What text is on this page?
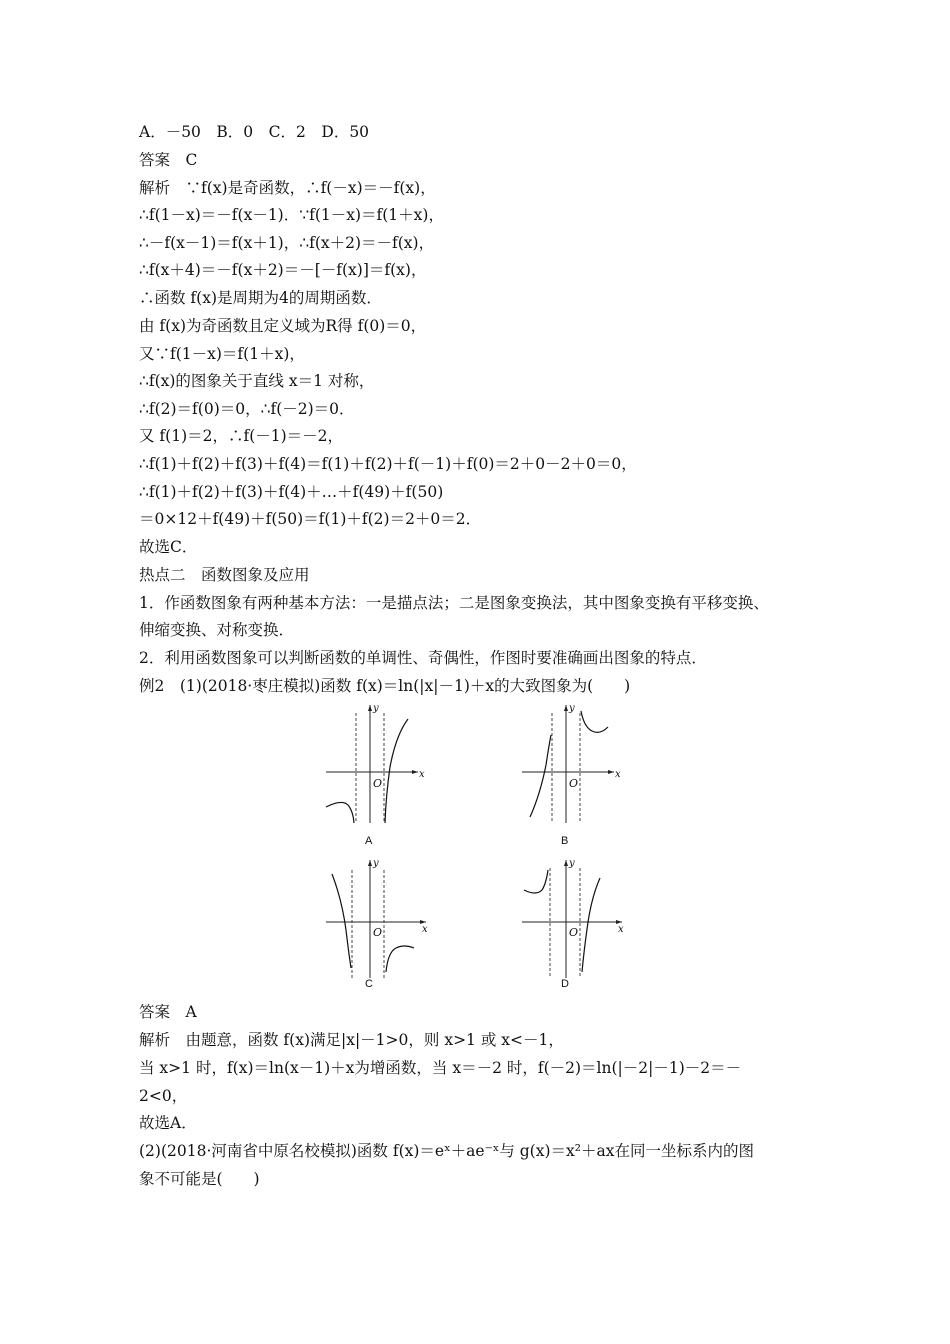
A．－50　B．0　C．2　D．50
答案　C
解析　∵f(x)是奇函数，∴f(－x)＝－f(x)，
∴f(1－x)＝－f(x－1)．∵f(1－x)＝f(1＋x)，
∴－f(x－1)＝f(x＋1)，∴f(x＋2)＝－f(x)，
∴f(x＋4)＝－f(x＋2)＝－[－f(x)]＝f(x)，
∴函数 f(x)是周期为4的周期函数．
由 f(x)为奇函数且定义域为R得 f(0)＝0，
又∵f(1－x)＝f(1＋x)，
∴f(x)的图象关于直线 x＝1 对称，
∴f(2)＝f(0)＝0，∴f(－2)＝0．
又 f(1)＝2，∴f(－1)＝－2，
∴f(1)＋f(2)＋f(3)＋f(4)＝f(1)＋f(2)＋f(－1)＋f(0)＝2＋0－2＋0＝0，
∴f(1)＋f(2)＋f(3)＋f(4)＋…＋f(49)＋f(50)
＝0×12＋f(49)＋f(50)＝f(1)＋f(2)＝2＋0＝2．
故选C．
热点二　函数图象及应用
1．作函数图象有两种基本方法：一是描点法；二是图象变换法，其中图象变换有平移变换、
伸缩变换、对称变换．
2．利用函数图象可以判断函数的单调性、奇偶性，作图时要准确画出图象的特点．
例2　(1)(2018·枣庄模拟)函数 f(x)＝ln(|x|－1)＋x的大致图象为(　　)
x
y
O
A
x
y
O
B
x
y
O
C
x
y
O
D
答案　A
解析　由题意，函数 f(x)满足|x|－1>0，则 x>1 或 x<－1，
当 x>1 时，f(x)＝ln(x－1)＋x为增函数，当 x＝－2 时，f(－2)＝ln(|－2|－1)－2＝－
2<0，
故选A．
(2)(2018·河南省中原名校模拟)函数 f(x)＝eˣ＋ae⁻ˣ与 g(x)＝x²＋ax在同一坐标系内的图
象不可能是(　　)
